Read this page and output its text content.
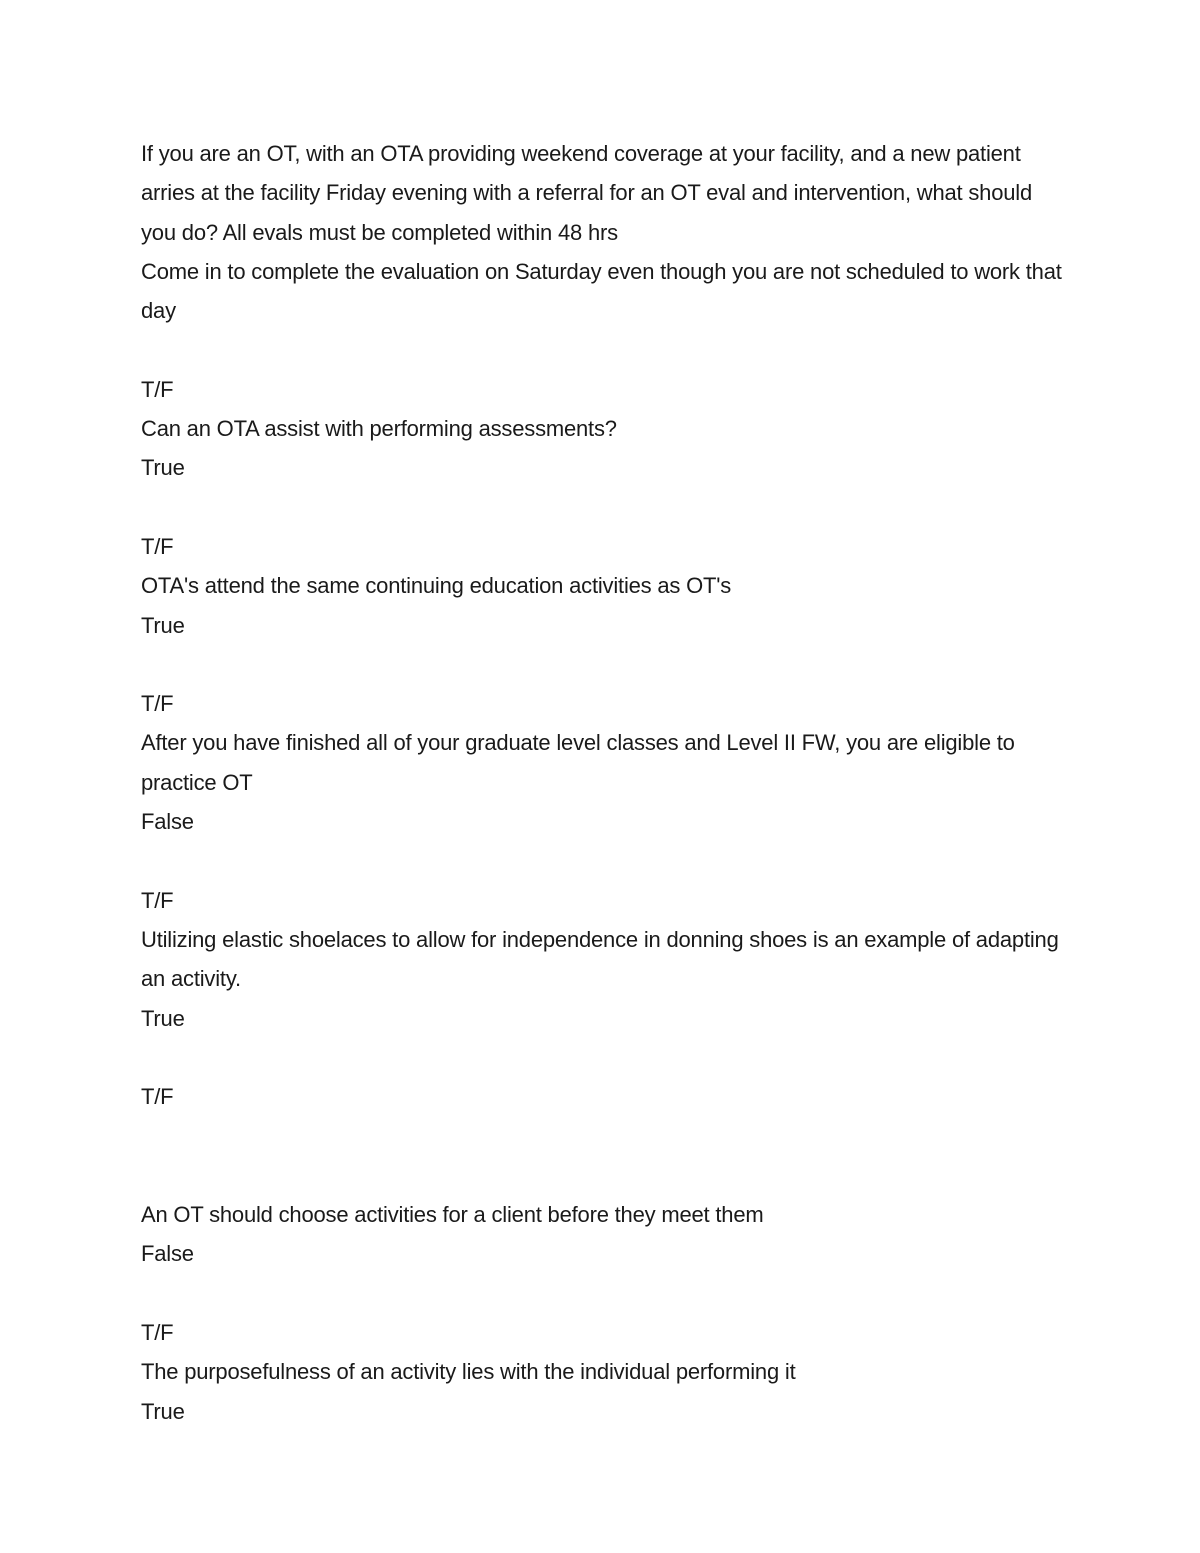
If you are an OT, with an OTA providing weekend coverage at your facility, and a new patient arries at the facility Friday evening with a referral for an OT eval and intervention, what should you do? All evals must be completed within 48 hrs

Come in to complete the evaluation on Saturday even though you are not scheduled to work that day

T/F

Can an OTA assist with performing assessments?

True

T/F

OTA's attend the same continuing education activities as OT's

True

T/F

After you have finished all of your graduate level classes and Level II FW, you are eligible to practice OT

False

T/F

Utilizing elastic shoelaces to allow for independence in donning shoes is an example of adapting an activity.

True

T/F

An OT should choose activities for a client before they meet them

False

T/F

The purposefulness of an activity lies with the individual performing it

True
